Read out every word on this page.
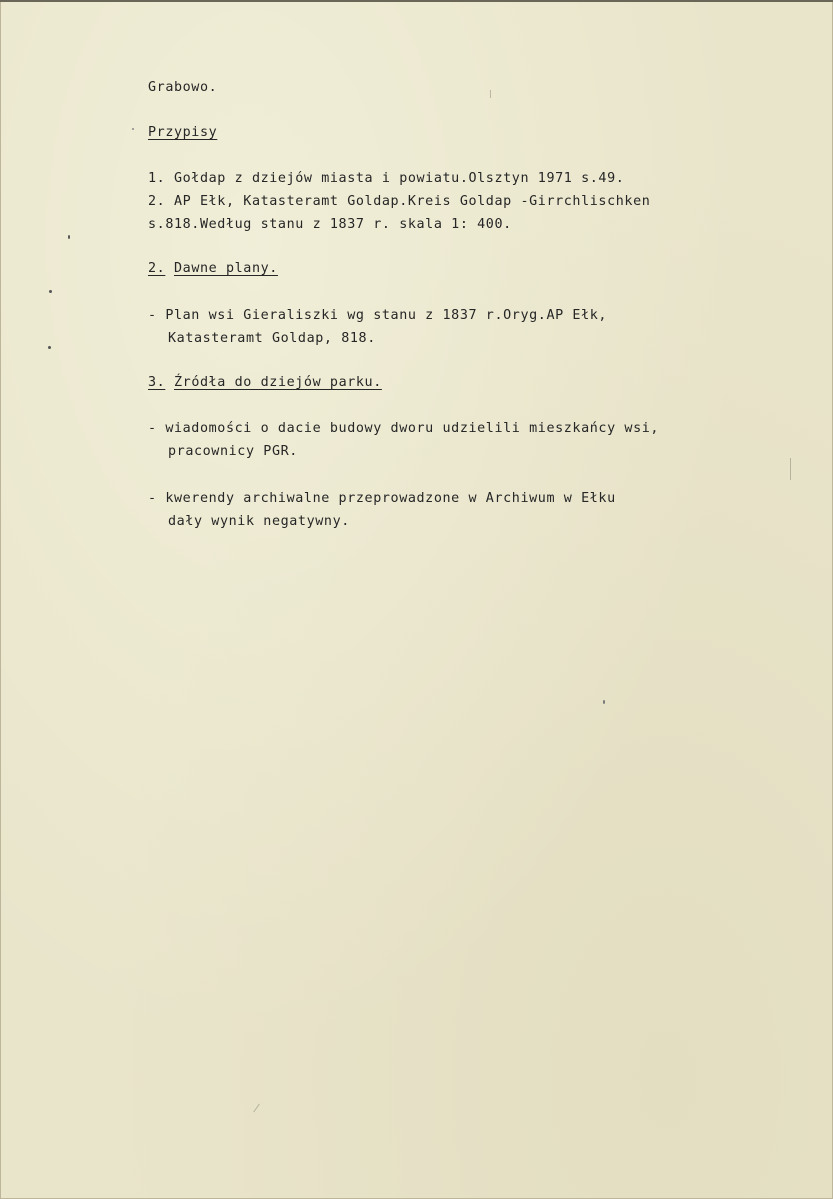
Grabowo.
Przypisy
1. Gołdap z dziejów miasta i powiatu.Olsztyn 1971 s.49.
2. AP Ełk, Katasteramt Goldap.Kreis Goldap -Girrchlischken
s.818.Według stanu z 1837 r. skala 1: 400.
2. Dawne plany.
- Plan wsi Gieraliszki wg stanu z 1837 r.Oryg.AP Ełk,
Katasteramt Goldap, 818.
3. Źródła do dziejów parku.
- wiadomości o dacie budowy dworu udzielili mieszkańcy wsi,
pracownicy PGR.
- kwerendy archiwalne przeprowadzone w Archiwum w Ełku
dały wynik negatywny.
